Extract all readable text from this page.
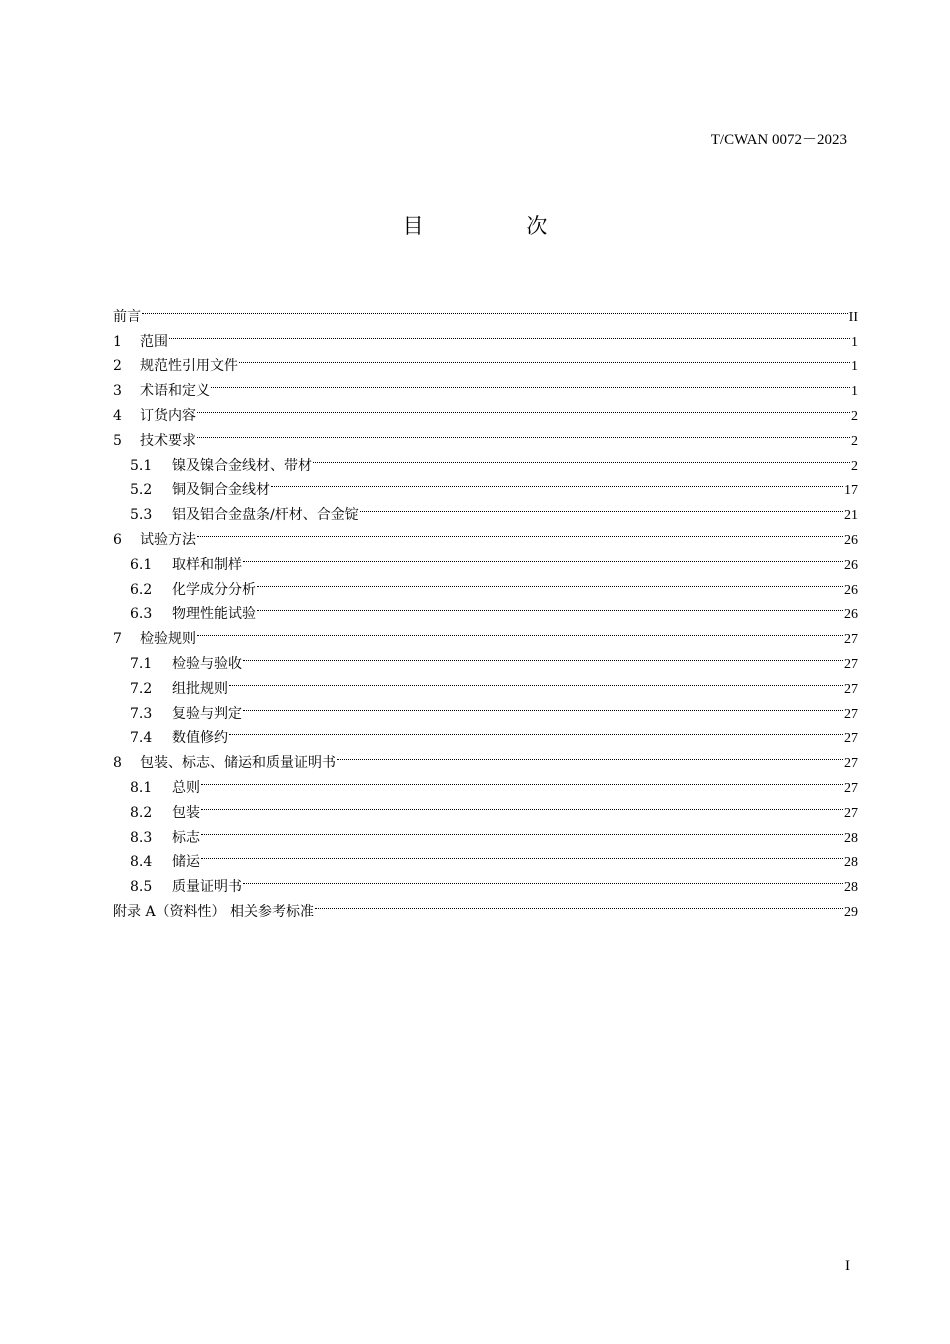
T/CWAN 0072－2023
目 次
前言	II
1	范围	1
2	规范性引用文件	1
3	术语和定义	1
4	订货内容	2
5	技术要求	2
5.1	镍及镍合金线材、带材	2
5.2	铜及铜合金线材	17
5.3	铝及铝合金盘条/杆材、合金锭	21
6	试验方法	26
6.1	取样和制样	26
6.2	化学成分分析	26
6.3	物理性能试验	26
7	检验规则	27
7.1	检验与验收	27
7.2	组批规则	27
7.3	复验与判定	27
7.4	数值修约	27
8	包装、标志、储运和质量证明书	27
8.1	总则	27
8.2	包装	27
8.3	标志	28
8.4	储运	28
8.5	质量证明书	28
附录 A（资料性） 相关参考标准	29
I
